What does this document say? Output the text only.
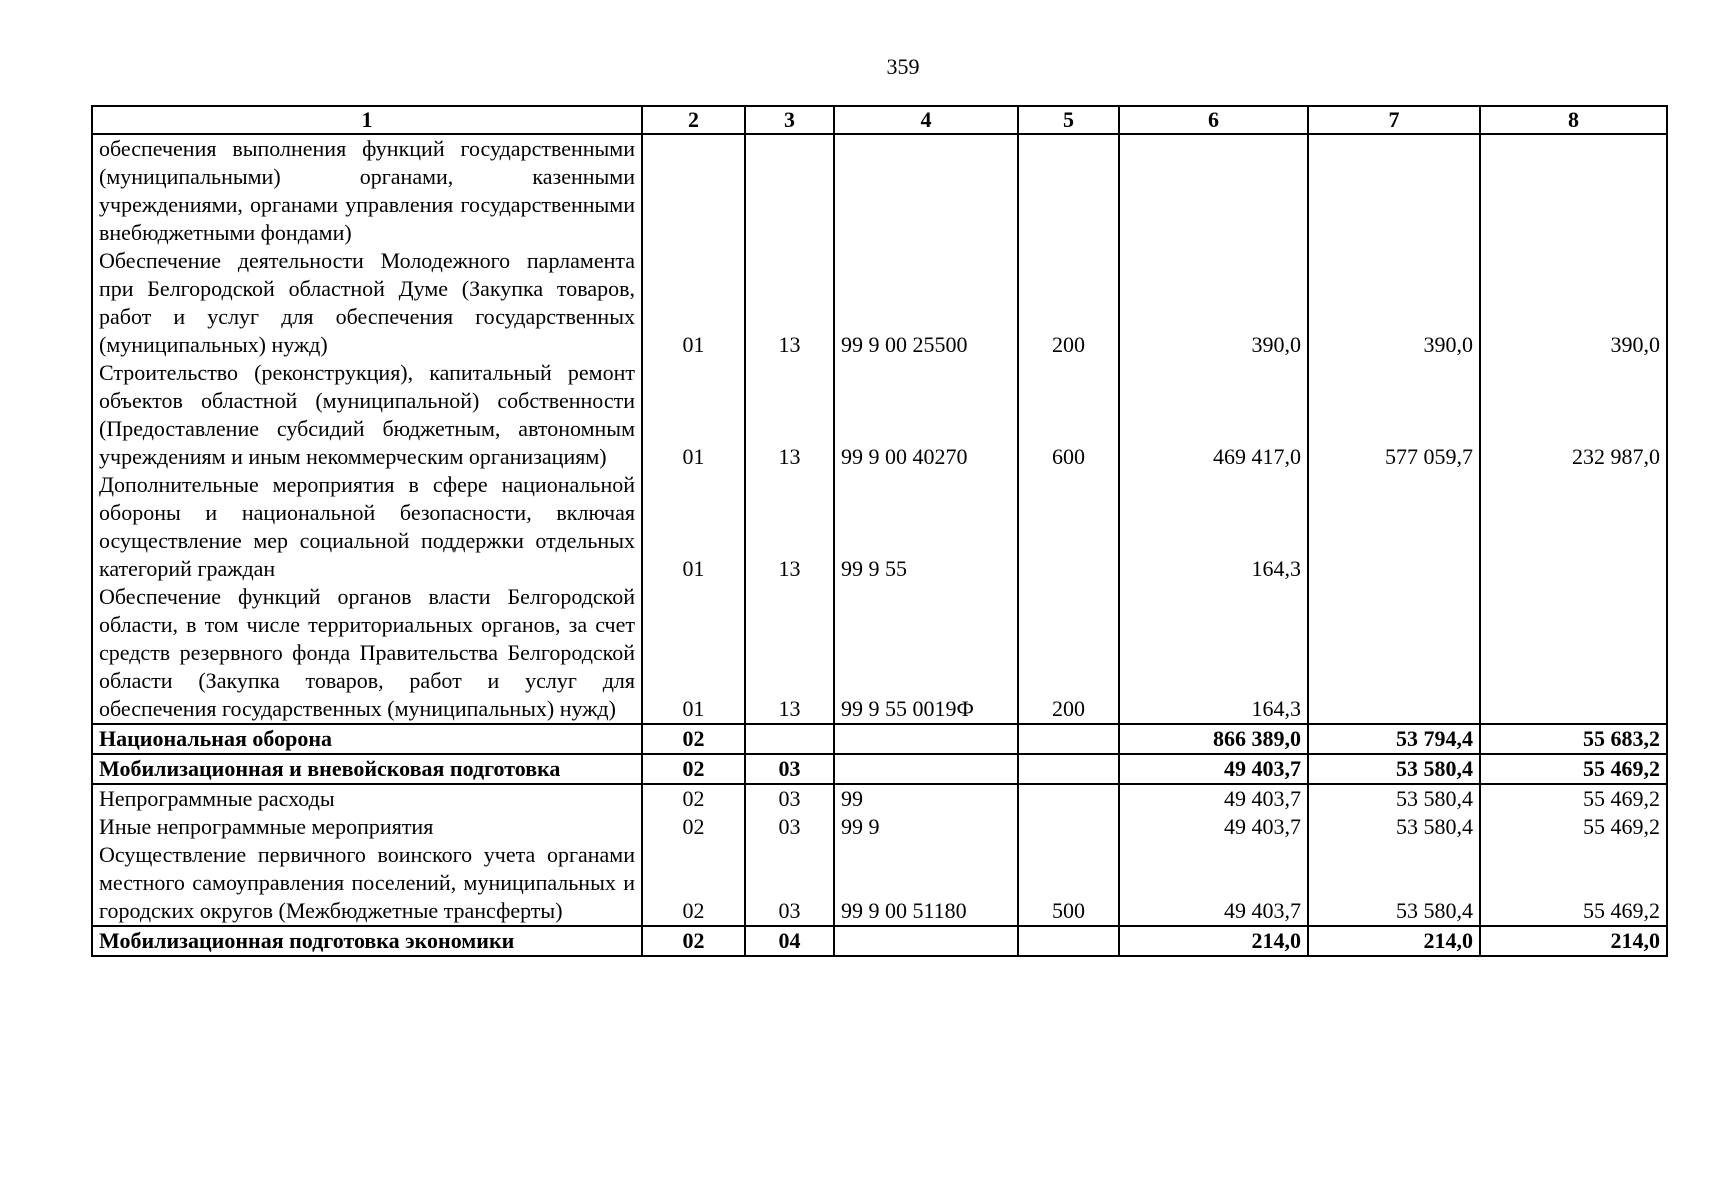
359
1	2	3	4	5	6	7	8
обеспечения выполнения функций государственными (муниципальными) органами, казенными учреждениями, органами управления государственными внебюджетными фондами)							
Обеспечение деятельности Молодежного парламента при Белгородской областной Думе (Закупка товаров, работ и услуг для обеспечения государственных (муниципальных) нужд)	01	13	99 9 00 25500	200	390,0	390,0	390,0
Строительство (реконструкция), капитальный ремонт объектов областной (муниципальной) собственности (Предоставление субсидий бюджетным, автономным учреждениям и иным некоммерческим организациям)	01	13	99 9 00 40270	600	469 417,0	577 059,7	232 987,0
Дополнительные мероприятия в сфере национальной обороны и национальной безопасности, включая осуществление мер социальной поддержки отдельных категорий граждан	01	13	99 9 55		164,3		
Обеспечение функций органов власти Белгородской области, в том числе территориальных органов, за счет средств резервного фонда Правительства Белгородской области (Закупка товаров, работ и услуг для обеспечения государственных (муниципальных) нужд)	01	13	99 9 55 0019Ф	200	164,3		
Национальная оборона	02				866 389,0	53 794,4	55 683,2
Мобилизационная и вневойсковая подготовка	02	03			49 403,7	53 580,4	55 469,2
Непрограммные расходы	02	03	99		49 403,7	53 580,4	55 469,2
Иные непрограммные мероприятия	02	03	99 9		49 403,7	53 580,4	55 469,2
Осуществление первичного воинского учета органами местного самоуправления поселений, муниципальных и городских округов (Межбюджетные трансферты)	02	03	99 9 00 51180	500	49 403,7	53 580,4	55 469,2
Мобилизационная подготовка экономики	02	04			214,0	214,0	214,0
